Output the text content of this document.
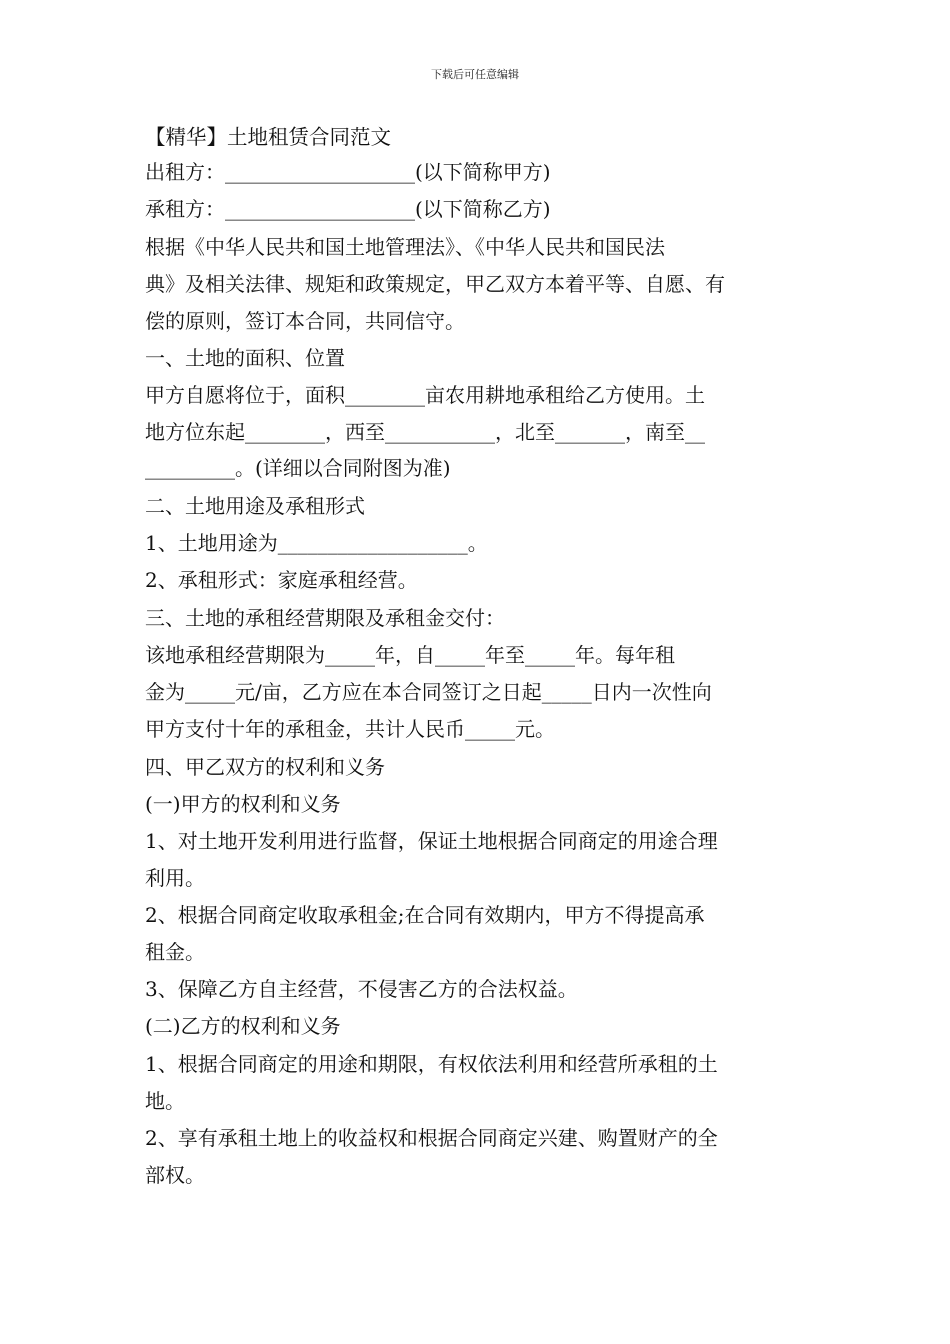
下载后可任意编辑
【精华】土地租赁合同范文
出租方：___________________(以下简称甲方)
承租方：___________________(以下简称乙方)
根据《中华人民共和国土地管理法》、《中华人民共和国民法
典》及相关法律、规矩和政策规定，甲乙双方本着平等、自愿、有
偿的原则，签订本合同，共同信守。
一、土地的面积、位置
甲方自愿将位于，面积________亩农用耕地承租给乙方使用。土
地方位东起________，西至___________，北至_______，南至__
_________。(详细以合同附图为准)
二、土地用途及承租形式
1、土地用途为___________________。
2、承租形式：家庭承租经营。
三、土地的承租经营期限及承租金交付：
该地承租经营期限为_____年，自_____年至_____年。每年租
金为_____元/亩，乙方应在本合同签订之日起_____日内一次性向
甲方支付十年的承租金，共计人民币_____元。
四、甲乙双方的权利和义务
(一)甲方的权利和义务
1、对土地开发利用进行监督，保证土地根据合同商定的用途合理
利用。
2、根据合同商定收取承租金;在合同有效期内，甲方不得提高承
租金。
3、保障乙方自主经营，不侵害乙方的合法权益。
(二)乙方的权利和义务
1、根据合同商定的用途和期限，有权依法利用和经营所承租的土
地。
2、享有承租土地上的收益权和根据合同商定兴建、购置财产的全
部权。
